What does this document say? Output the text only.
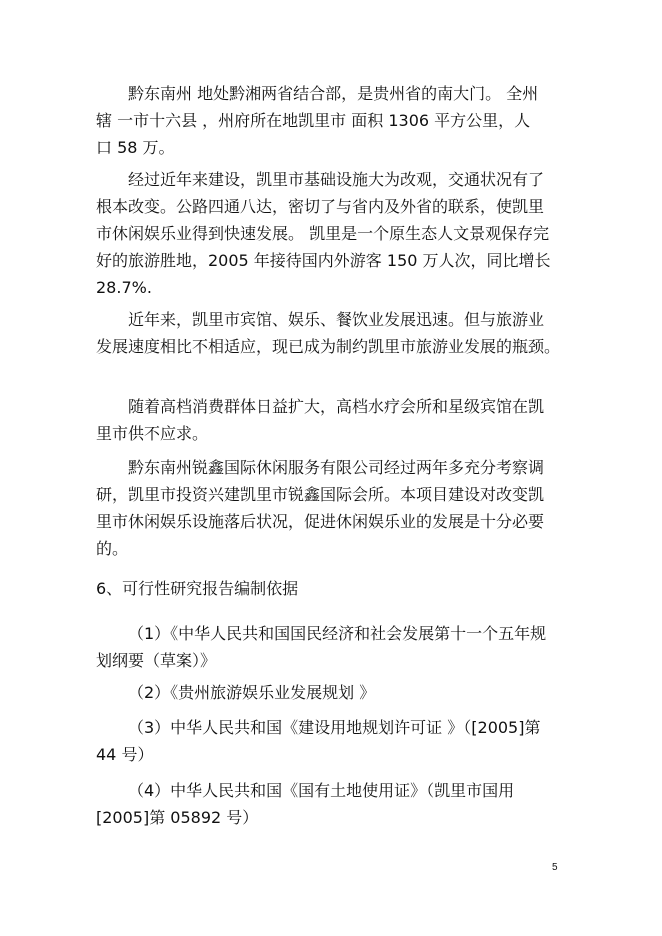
黔东南州 地处黔湘两省结合部，是贵州省的南大门。 全州
辖 一市十六县 ，州府所在地凯里市 面积 1306 平方公里，人
口 58 万。
经过近年来建设，凯里市基础设施大为改观，交通状况有了
根本改变。公路四通八达，密切了与省内及外省的联系，使凯里
市休闲娱乐业得到快速发展。 凯里是一个原生态人文景观保存完
好的旅游胜地，2005 年接待国内外游客 150 万人次，同比增长
28.7%.
近年来，凯里市宾馆、娱乐、餐饮业发展迅速。但与旅游业
发展速度相比不相适应，现已成为制约凯里市旅游业发展的瓶颈。
随着高档消费群体日益扩大，高档水疗会所和星级宾馆在凯
里市供不应求。
黔东南州锐鑫国际休闲服务有限公司经过两年多充分考察调
研，凯里市投资兴建凯里市锐鑫国际会所。本项目建设对改变凯
里市休闲娱乐设施落后状况，促进休闲娱乐业的发展是十分必要
的。
6、可行性研究报告编制依据
（1）《中华人民共和国国民经济和社会发展第十一个五年规
划纲要（草案）》
（2）《贵州旅游娱乐业发展规划 》
（3）中华人民共和国《建设用地规划许可证 》（[2005]第
44 号）
（4）中华人民共和国《国有土地使用证》（凯里市国用
[2005]第 05892 号）
5
